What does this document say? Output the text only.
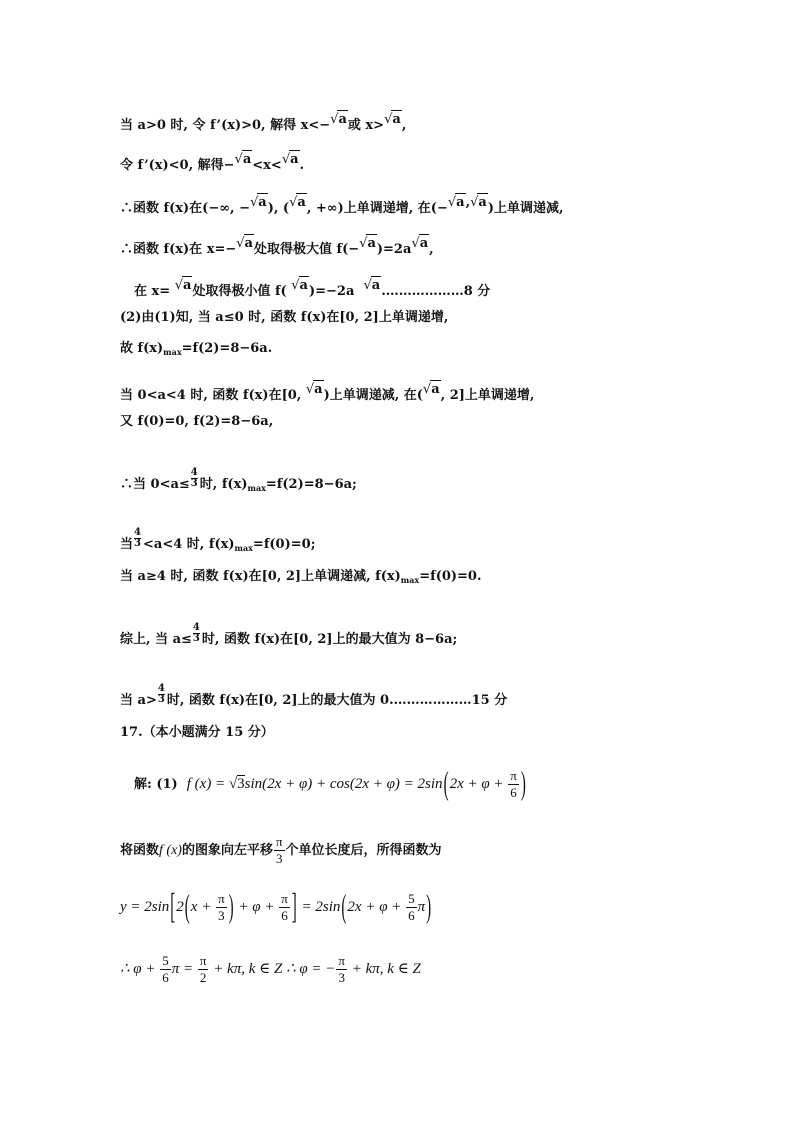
当 a>0 时, 令 f’(x)>0, 解得 x<−√a或 x>√a,
令 f’(x)<0, 解得−√a<x<√a.
∴函数 f(x)在(−∞, −√a), (√a, +∞)上单调递增, 在(−√a,√a)上单调递减,
∴函数 f(x)在 x=−√a处取得极大值 f(−√a)=2a√a,
在 x= √a处取得极小值 f( √a)=−2a √a.………………8 分
(2)由(1)知, 当 a≤0 时, 函数 f(x)在[0, 2]上单调递增,
故 $f(x)_{max}=f(2)=8-6a$.
当 0<a<4 时, 函数 f(x)在[0, √a)上单调递减, 在(√a, 2]上单调递增,
又 f(0)=0, f(2)=8−6a,
∴当 0<a≤
$\frac{4}{3}$
时, $f(x)_{max}=f(2)=8-6a$;
当
$\frac{4}{3}$
<a<4 时, $f(x)_{max}=f(0)=0$;
当 a≥4 时, 函数 f(x)在[0, 2]上单调递减, $f(x)_{max}=f(0)=0$.
综上, 当 a≤
$\frac{4}{3}$
时, 函数 f(x)在[0, 2]上的最大值为 8−6a;
当 a>
$\frac{4}{3}$
时, 函数 f(x)在[0, 2]上的最大值为 0.………………15 分
17.（本小题满分 15 分）
解: (1) f $(x) = √3\sin(2x + \varphi) + \cos(2x + \varphi) = 2\sin(2x + \varphi + \frac{\pi}{6}$ )
将函数f (x)的图象向左平移 $\frac{\pi}{3}$ 个单位长度后，所得函数为
$y = 2\sin[2(x + \frac{\pi}{3}$ ) + $\varphi + \frac{\pi}{6}$ ] = $2\sin(2x + \varphi + \frac{5}{6} \pi)$
∴ $\varphi + \frac{5}{6}$ $\pi = \frac{\pi}{2} + k\pi$, k ∈ Z ∴ φ = − $\frac{\pi}{3} + k\pi$, k ∈ Z
